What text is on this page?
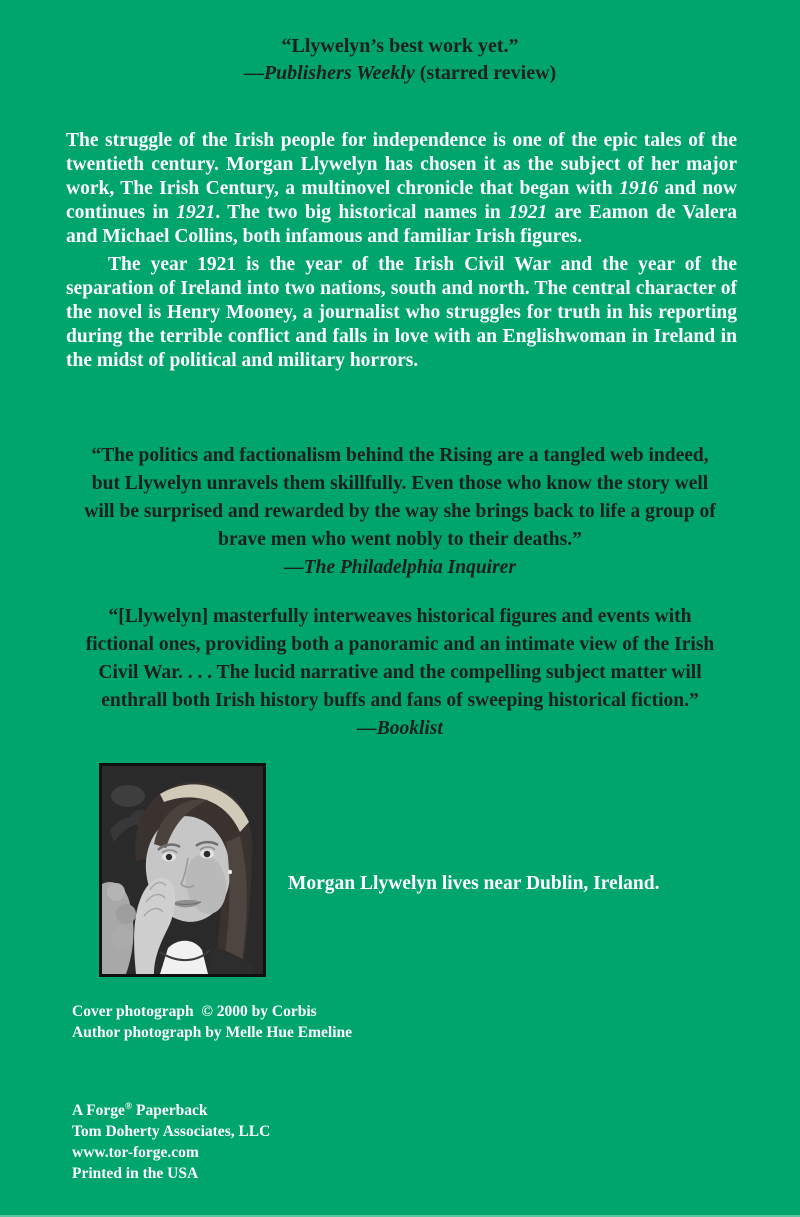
“Llywelyn’s best work yet.”

—Publishers Weekly (starred review)

The struggle of the Irish people for independence is one of the epic tales of the twentieth century. Morgan Llywelyn has chosen it as the subject of her major work, The Irish Century, a multinovel chronicle that began with 1916 and now continues in 1921. The two big historical names in 1921 are Eamon de Valera and Michael Collins, both infamous and familiar Irish figures.

The year 1921 is the year of the Irish Civil War and the year of the separation of Ireland into two nations, south and north. The central character of the novel is Henry Mooney, a journalist who struggles for truth in his reporting during the terrible conflict and falls in love with an Englishwoman in Ireland in the midst of political and military horrors.

“The politics and factionalism behind the Rising are a tangled web indeed, but Llywelyn unravels them skillfully. Even those who know the story well will be surprised and rewarded by the way she brings back to life a group of brave men who went nobly to their deaths.”

—The Philadelphia Inquirer

“[Llywelyn] masterfully interweaves historical figures and events with fictional ones, providing both a panoramic and an intimate view of the Irish Civil War. . . . The lucid narrative and the compelling subject matter will enthrall both Irish history buffs and fans of sweeping historical fiction.”

—Booklist

Morgan Llywelyn lives near Dublin, Ireland.

Cover photograph  © 2000 by Corbis

Author photograph by Melle Hue Emeline

A Forge® Paperback

Tom Doherty Associates, LLC

www.tor-forge.com

Printed in the USA
